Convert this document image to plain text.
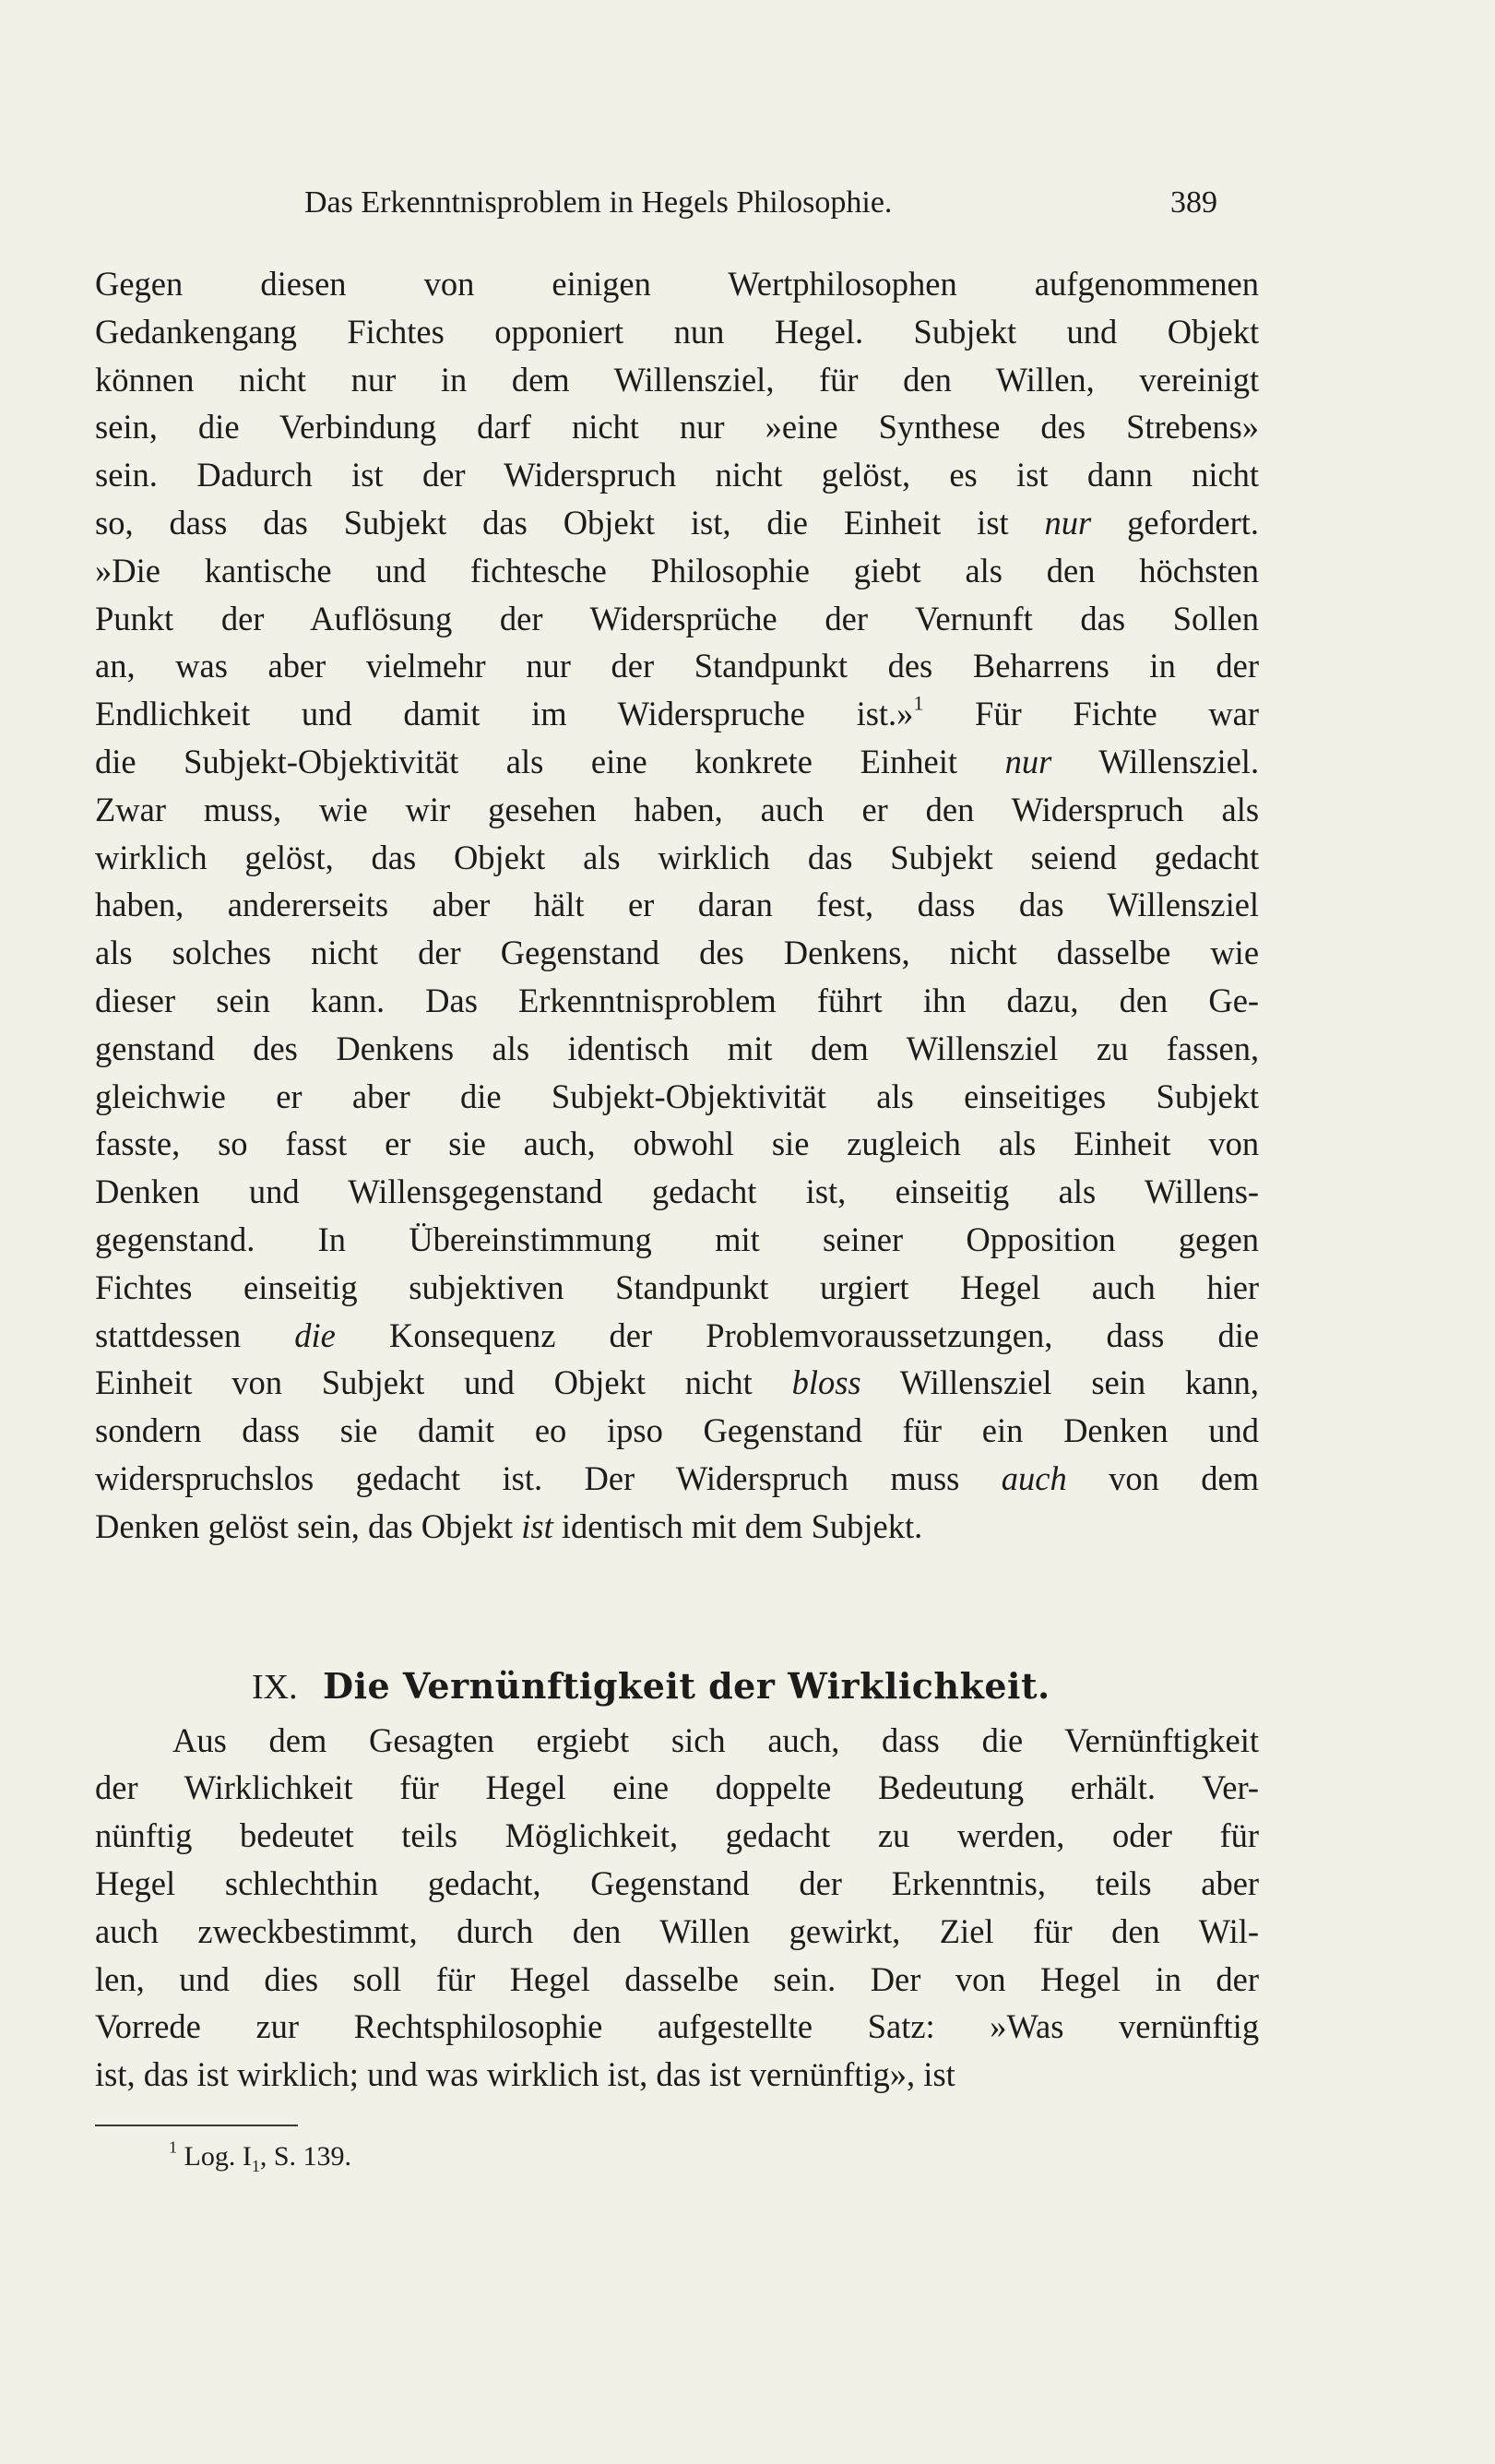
Das Erkenntnisproblem in Hegels Philosophie.	389
Gegen diesen von einigen Wertphilosophen aufgenommenen
Gedankengang Fichtes opponiert nun Hegel. Subjekt und Objekt
können nicht nur in dem Willensziel, für den Willen, vereinigt
sein, die Verbindung darf nicht nur »eine Synthese des Strebens»
sein. Dadurch ist der Widerspruch nicht gelöst, es ist dann nicht
so, dass das Subjekt das Objekt ist, die Einheit ist nur gefordert.
»Die kantische und fichtesche Philosophie giebt als den höchsten
Punkt der Auflösung der Widersprüche der Vernunft das Sollen
an, was aber vielmehr nur der Standpunkt des Beharrens in der
Endlichkeit und damit im Widerspruche ist.»$^1$ Für Fichte war
die Subjekt-Objektivität als eine konkrete Einheit nur Willensziel.
Zwar muss, wie wir gesehen haben, auch er den Widerspruch als
wirklich gelöst, das Objekt als wirklich das Subjekt seiend gedacht
haben, andererseits aber hält er daran fest, dass das Willensziel
als solches nicht der Gegenstand des Denkens, nicht dasselbe wie
dieser sein kann. Das Erkenntnisproblem führt ihn dazu, den Ge-
genstand des Denkens als identisch mit dem Willensziel zu fassen,
gleichwie er aber die Subjekt-Objektivität als einseitiges Subjekt
fasste, so fasst er sie auch, obwohl sie zugleich als Einheit von
Denken und Willensgegenstand gedacht ist, einseitig als Willens-
gegenstand. In Übereinstimmung mit seiner Opposition gegen
Fichtes einseitig subjektiven Standpunkt urgiert Hegel auch hier
stattdessen die Konsequenz der Problemvoraussetzungen, dass die
Einheit von Subjekt und Objekt nicht bloss Willensziel sein kann,
sondern dass sie damit eo ipso Gegenstand für ein Denken und
widerspruchslos gedacht ist. Der Widerspruch muss auch von dem
Denken gelöst sein, das Objekt ist identisch mit dem Subjekt.
IX. Die Vernünftigkeit der Wirklichkeit.
Aus dem Gesagten ergiebt sich auch, dass die Vernünftigkeit
der Wirklichkeit für Hegel eine doppelte Bedeutung erhält. Ver-
nünftig bedeutet teils Möglichkeit, gedacht zu werden, oder für
Hegel schlechthin gedacht, Gegenstand der Erkenntnis, teils aber
auch zweckbestimmt, durch den Willen gewirkt, Ziel für den Wil-
len, und dies soll für Hegel dasselbe sein. Der von Hegel in der
Vorrede zur Rechtsphilosophie aufgestellte Satz: »Was vernünftig
ist, das ist wirklich; und was wirklich ist, das ist vernünftig», ist
$^1$ Log. $I_1$, S. 139.
